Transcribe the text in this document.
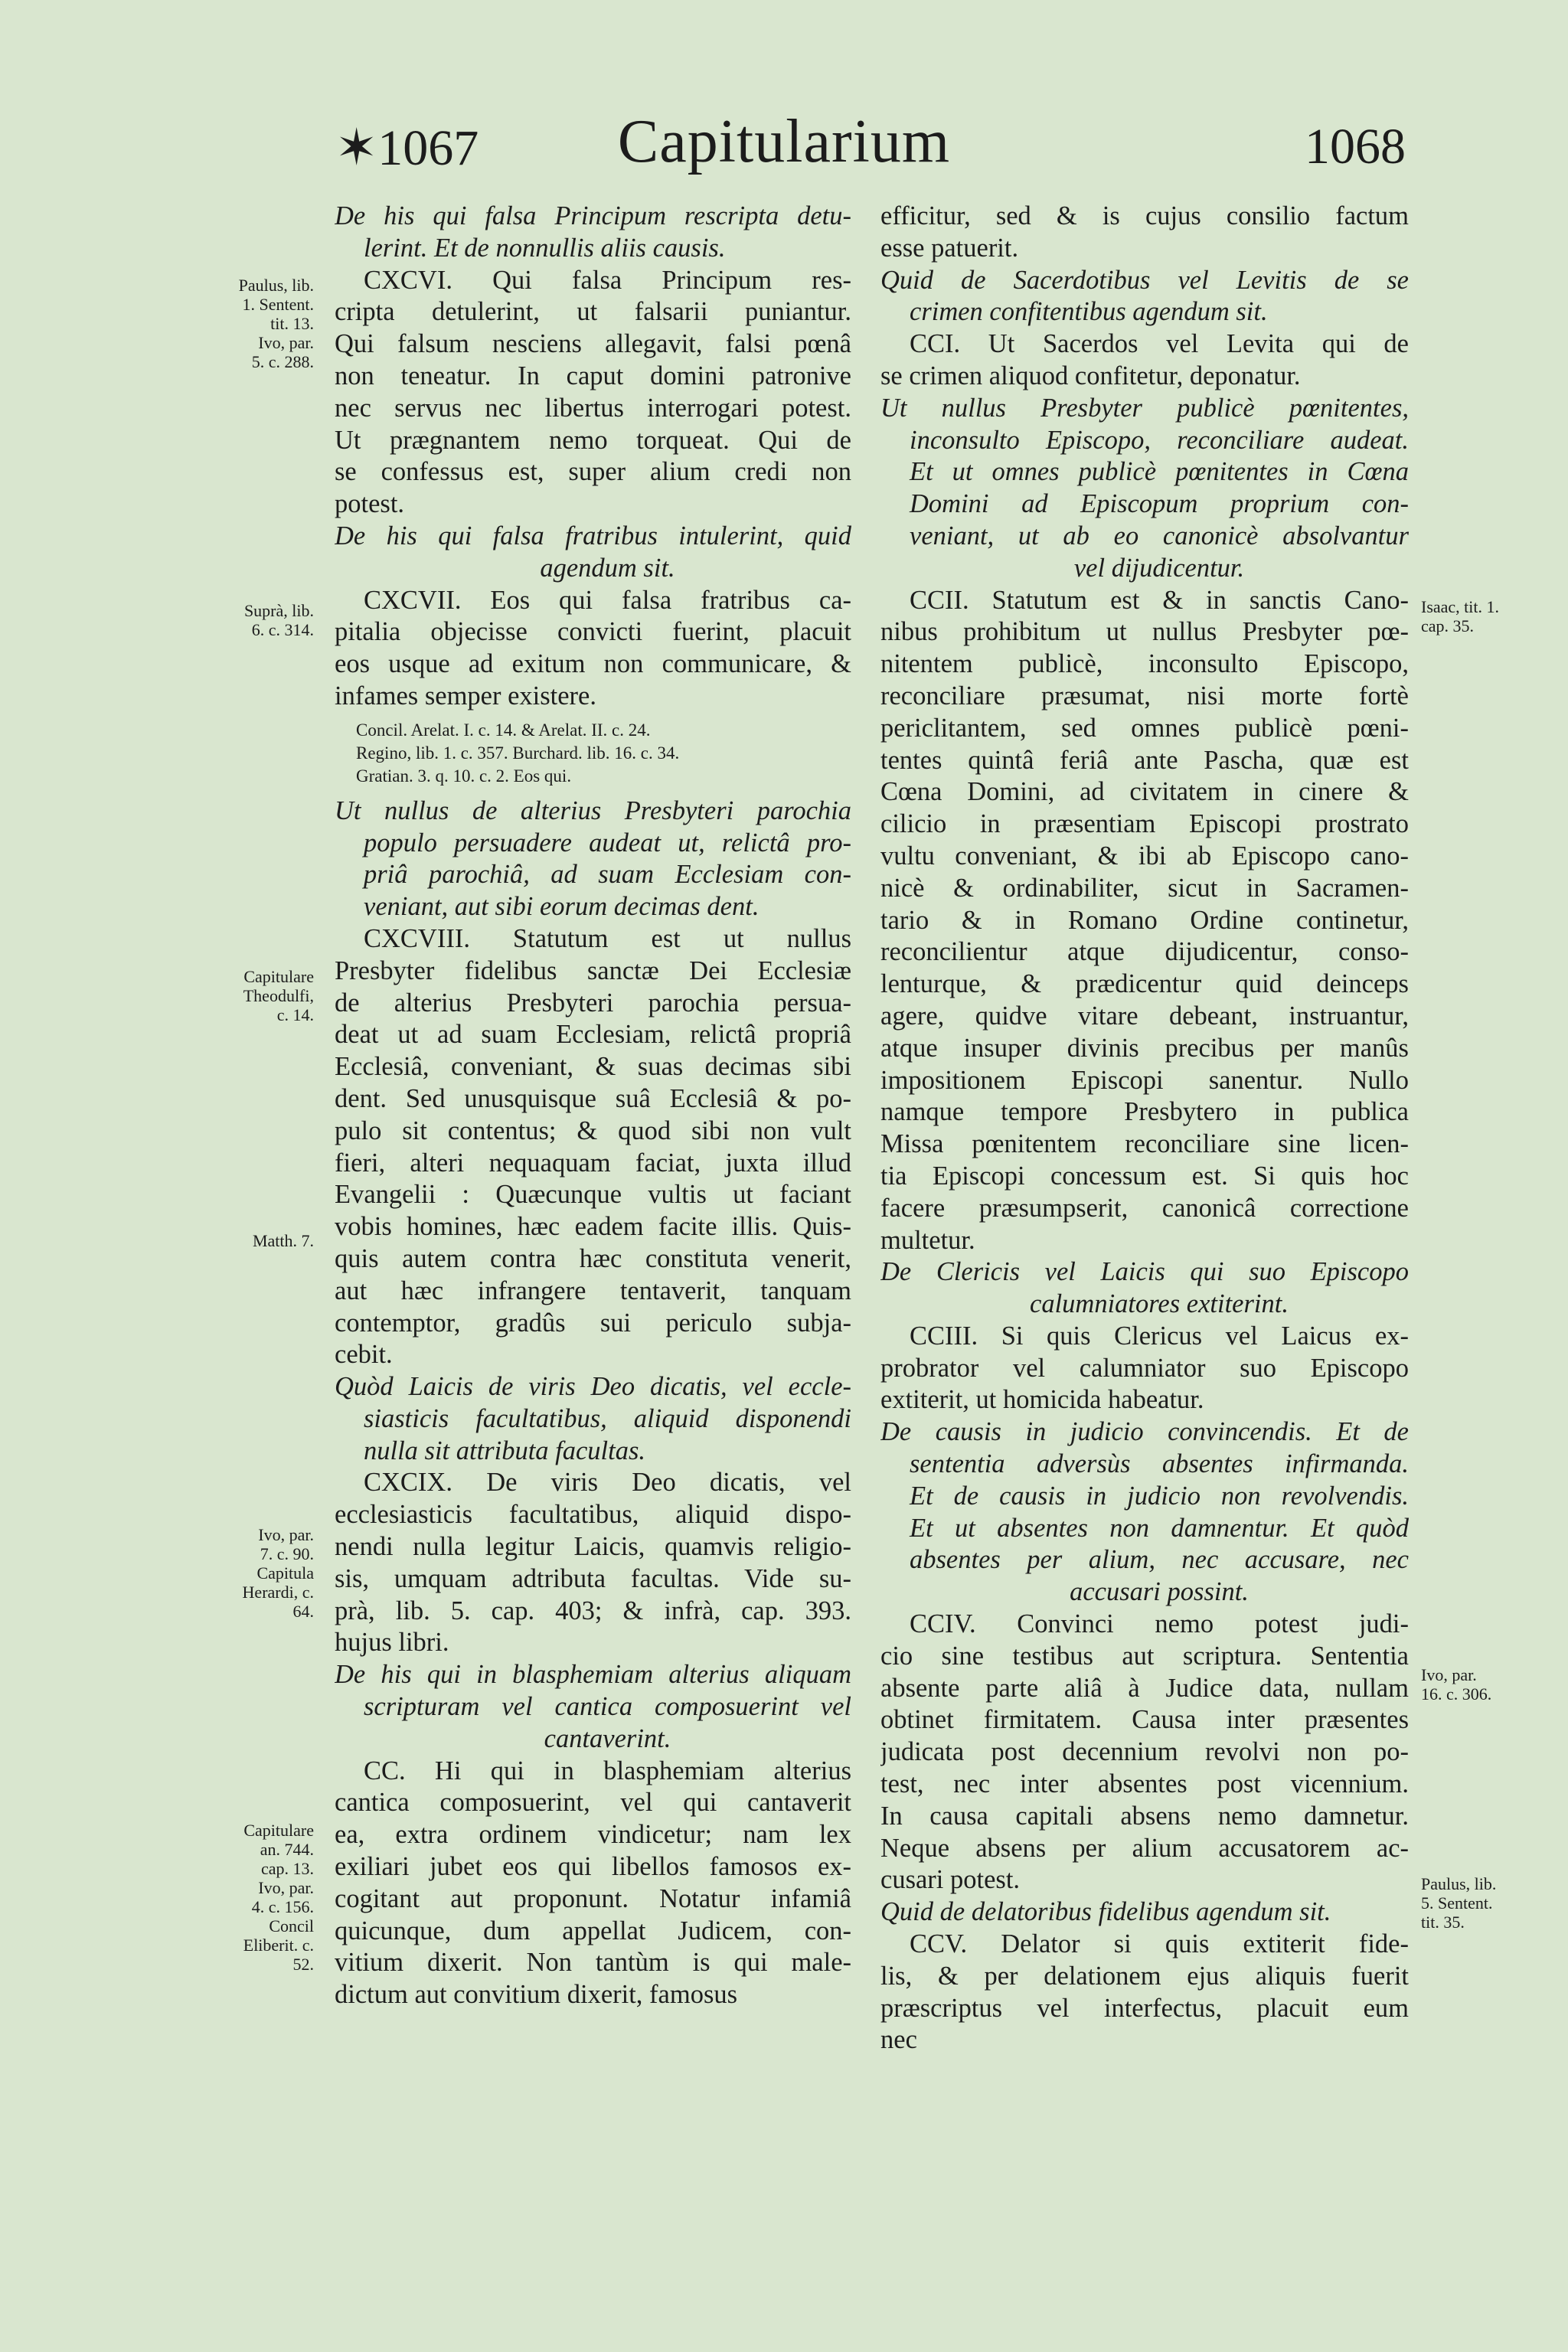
✶1067	Capitularium	1068
De his qui falsa Principum rescripta detu-
lerint. Et de nonnullis aliis causis.
CXCVI. Qui falsa Principum res-
cripta detulerint, ut falsarii puniantur.
Qui falsum nesciens allegavit, falsi pœnâ
non teneatur. In caput domini patronive
nec servus nec libertus interrogari potest.
Ut prægnantem nemo torqueat. Qui de
se confessus est, super alium credi non
potest.
De his qui falsa fratribus intulerint, quid
agendum sit.
CXCVII. Eos qui falsa fratribus ca-
pitalia objecisse convicti fuerint, placuit
eos usque ad exitum non communicare, &
infames semper existere.
Concil. Arelat. I. c. 14. & Arelat. II. c. 24.
Regino, lib. 1. c. 357. Burchard. lib. 16. c. 34.
Gratian. 3. q. 10. c. 2. Eos qui.
Ut nullus de alterius Presbyteri parochia
populo persuadere audeat ut, relictâ pro-
priâ parochiâ, ad suam Ecclesiam con-
veniant, aut sibi eorum decimas dent.
CXCVIII. Statutum est ut nullus
Presbyter fidelibus sanctæ Dei Ecclesiæ
de alterius Presbyteri parochia persua-
deat ut ad suam Ecclesiam, relictâ propriâ
Ecclesiâ, conveniant, & suas decimas sibi
dent. Sed unusquisque suâ Ecclesiâ & po-
pulo sit contentus; & quod sibi non vult
fieri, alteri nequaquam faciat, juxta illud
Evangelii : Quæcunque vultis ut faciant
vobis homines, hæc eadem facite illis. Quis-
quis autem contra hæc constituta venerit,
aut hæc infrangere tentaverit, tanquam
contemptor, gradûs sui periculo subja-
cebit.
Quòd Laicis de viris Deo dicatis, vel eccle-
siasticis facultatibus, aliquid disponendi
nulla sit attributa facultas.
CXCIX. De viris Deo dicatis, vel
ecclesiasticis facultatibus, aliquid dispo-
nendi nulla legitur Laicis, quamvis religio-
sis, umquam adtributa facultas. Vide su-
prà, lib. 5. cap. 403; & infrà, cap. 393.
hujus libri.
De his qui in blasphemiam alterius aliquam
scripturam vel cantica composuerint vel
cantaverint.
CC. Hi qui in blasphemiam alterius
cantica composuerint, vel qui cantaverit
ea, extra ordinem vindicetur; nam lex
exiliari jubet eos qui libellos famosos ex-
cogitant aut proponunt. Notatur infamiâ
quicunque, dum appellat Judicem, con-
vitium dixerit. Non tantùm is qui male-
dictum aut convitium dixerit, famosus
efficitur, sed & is cujus consilio factum
esse patuerit.
Quid de Sacerdotibus vel Levitis de se
crimen confitentibus agendum sit.
CCI. Ut Sacerdos vel Levita qui de
se crimen aliquod confitetur, deponatur.
Ut nullus Presbyter publicè pœnitentes,
inconsulto Episcopo, reconciliare audeat.
Et ut omnes publicè pœnitentes in Cœna
Domini ad Episcopum proprium con-
veniant, ut ab eo canonicè absolvantur
vel dijudicentur.
CCII. Statutum est & in sanctis Cano-
nibus prohibitum ut nullus Presbyter pœ-
nitentem publicè, inconsulto Episcopo,
reconciliare præsumat, nisi morte fortè
periclitantem, sed omnes publicè pœni-
tentes quintâ feriâ ante Pascha, quæ est
Cœna Domini, ad civitatem in cinere &
cilicio in præsentiam Episcopi prostrato
vultu conveniant, & ibi ab Episcopo cano-
nicè & ordinabiliter, sicut in Sacramen-
tario & in Romano Ordine continetur,
reconcilientur atque dijudicentur, conso-
lenturque, & prædicentur quid deinceps
agere, quidve vitare debeant, instruantur,
atque insuper divinis precibus per manûs
impositionem Episcopi sanentur. Nullo
namque tempore Presbytero in publica
Missa pœnitentem reconciliare sine licen-
tia Episcopi concessum est. Si quis hoc
facere præsumpserit, canonicâ correctione
multetur.
De Clericis vel Laicis qui suo Episcopo
calumniatores extiterint.
CCIII. Si quis Clericus vel Laicus ex-
probrator vel calumniator suo Episcopo
extiterit, ut homicida habeatur.
De causis in judicio convincendis. Et de
sententia adversùs absentes infirmanda.
Et de causis in judicio non revolvendis.
Et ut absentes non damnentur. Et quòd
absentes per alium, nec accusare, nec
accusari possint.
CCIV. Convinci nemo potest judi-
cio sine testibus aut scriptura. Sententia
absente parte aliâ à Judice data, nullam
obtinet firmitatem. Causa inter præsentes
judicata post decennium revolvi non po-
test, nec inter absentes post vicennium.
In causa capitali absens nemo damnetur.
Neque absens per alium accusatorem ac-
cusari potest.
Quid de delatoribus fidelibus agendum sit.
CCV. Delator si quis extiterit fide-
lis, & per delationem ejus aliquis fuerit
præscriptus vel interfectus, placuit eum
nec
Paulus, lib.
1. Sentent.
tit. 13.
Ivo, par.
5. c. 288.
Suprà, lib.
6. c. 314.
Capitulare
Theodulfi,
c. 14.
Matth. 7.
Ivo, par.
7. c. 90.
Capitula
Herardi, c.
64.
Capitulare
an. 744.
cap. 13.
Ivo, par.
4. c. 156.
Concil
Eliberit. c.
52.
Isaac, tit. 1.
cap. 35.
Ivo, par.
16. c. 306.
Paulus, lib.
5. Sentent.
tit. 35.
